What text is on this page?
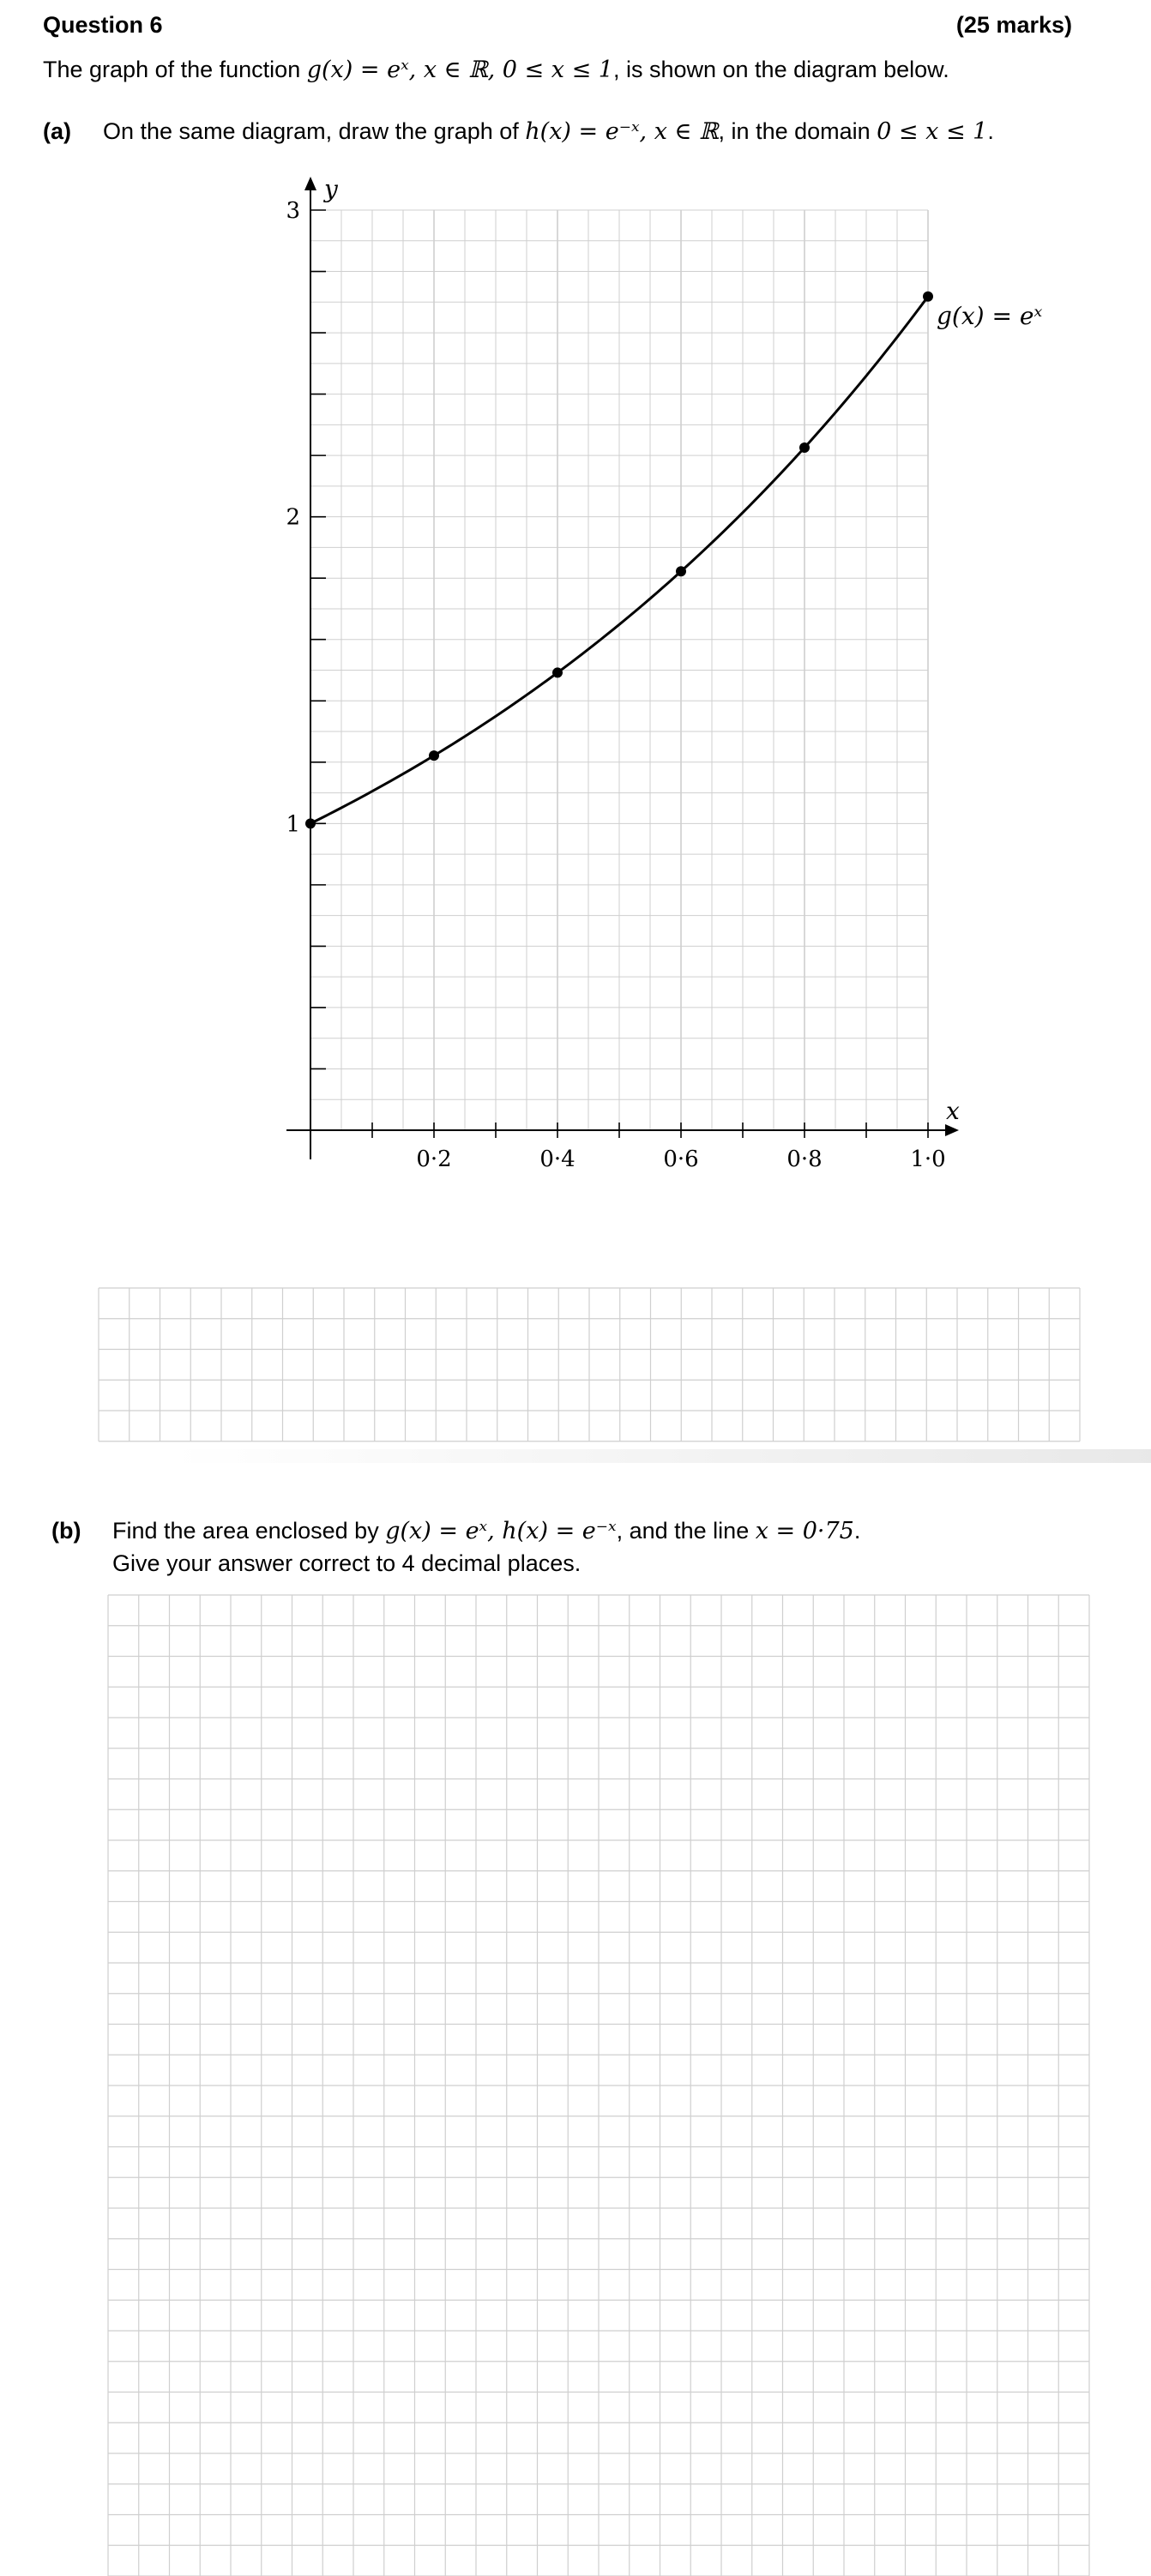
Question 6	(25 marks)
The graph of the function g(x) = eˣ, x ∈ ℝ, 0 ≤ x ≤ 1, is shown on the diagram below.
(a) On the same diagram, draw the graph of h(x) = e⁻ˣ, x ∈ ℝ, in the domain 0 ≤ x ≤ 1.
0·2	0·4	0·6	0·8	1·0
1
2
3
y
x
g(x) = eˣ
(b) Find the area enclosed by g(x) = eˣ, h(x) = e⁻ˣ, and the line x = 0·75.
Give your answer correct to 4 decimal places.
